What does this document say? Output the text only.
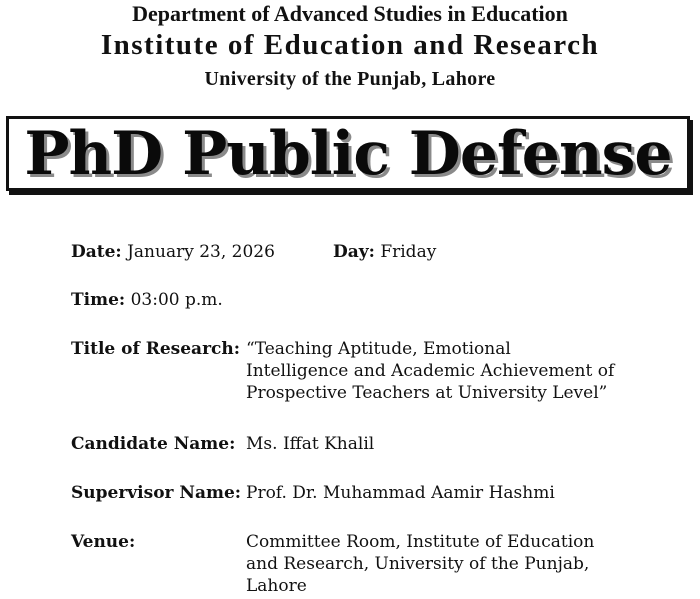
Department of Advanced Studies in Education
Institute of Education and Research
University of the Punjab, Lahore
PhD Public Defense
Date: January 23, 2026	Day: Friday
Time: 03:00 p.m.
Title of Research: “Teaching Aptitude, Emotional
Intelligence and Academic Achievement of
Prospective Teachers at University Level”
Candidate Name: Ms. Iffat Khalil
Supervisor Name: Prof. Dr. Muhammad Aamir Hashmi
Venue:	Committee Room, Institute of Education
and Research, University of the Punjab,
Lahore
